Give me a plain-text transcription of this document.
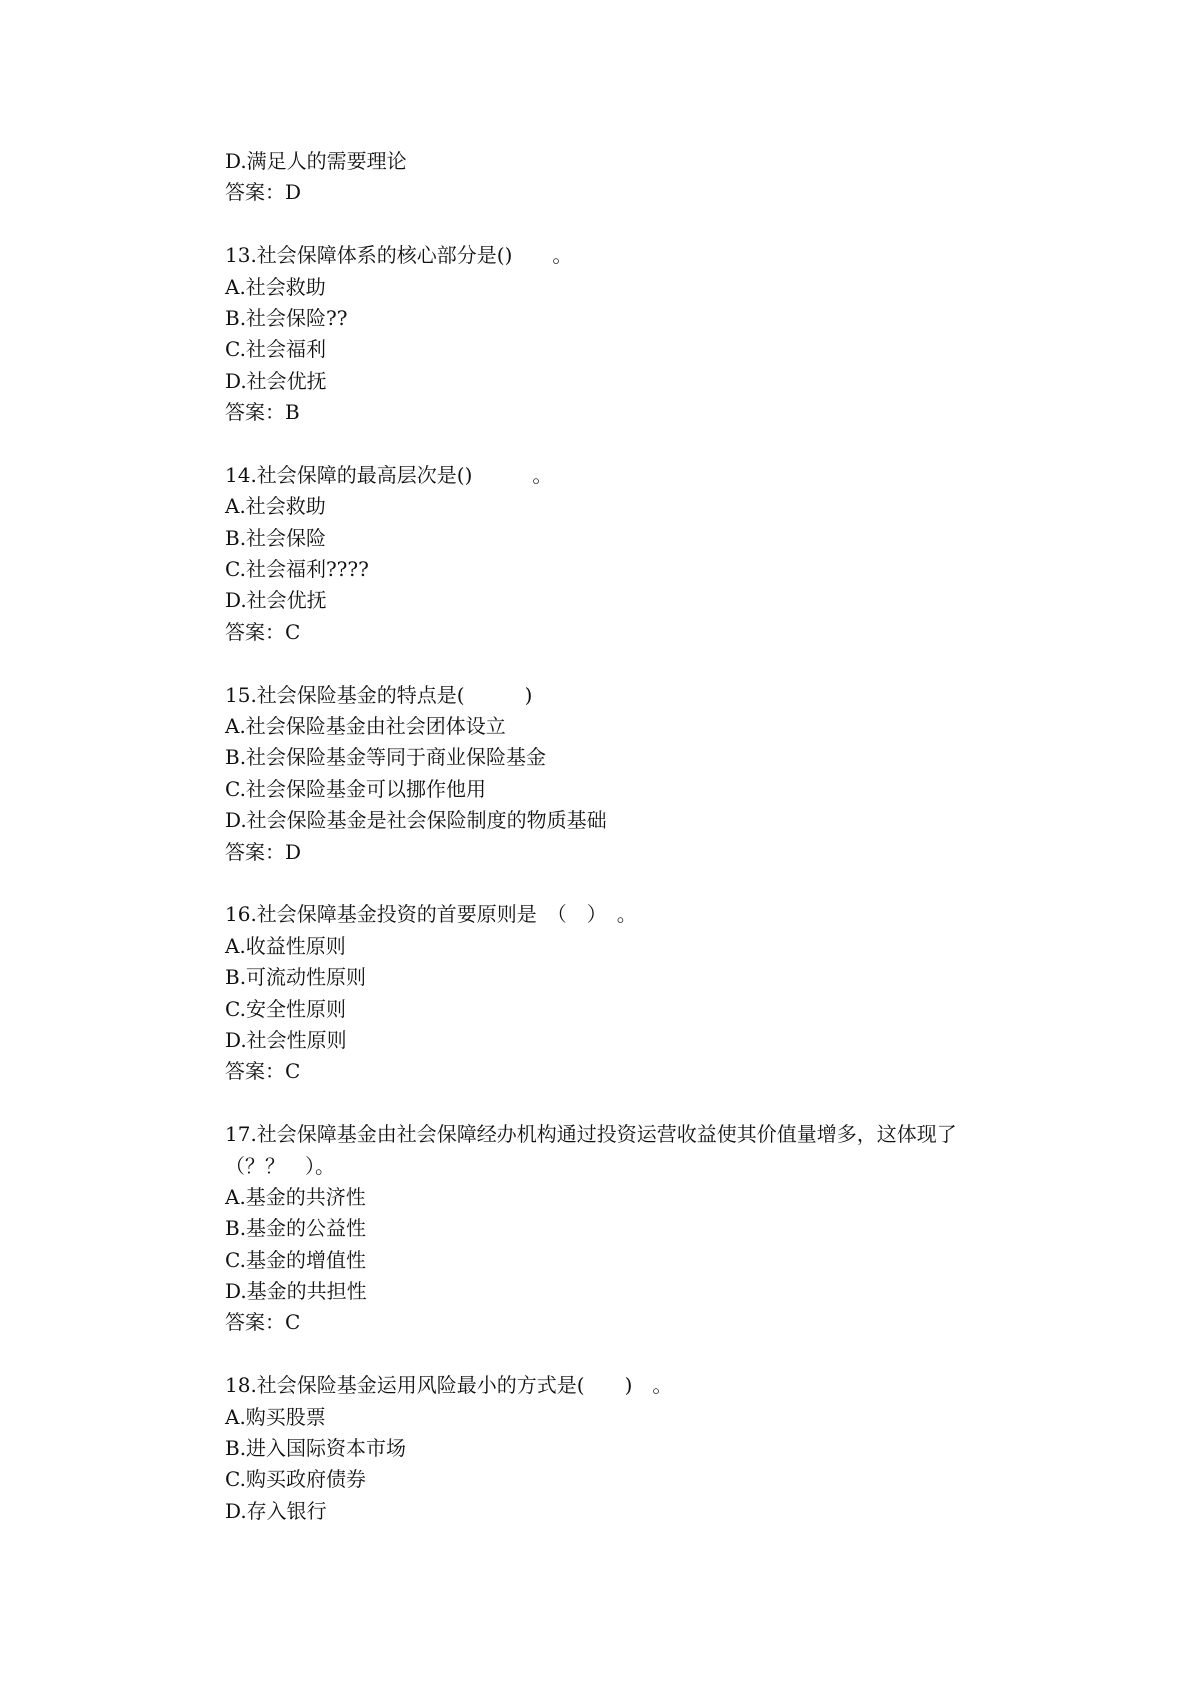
D.满足人的需要理论

答案：D

13.社会保障体系的核心部分是()　　。

A.社会救助

B.社会保险??

C.社会福利

D.社会优抚

答案：B

14.社会保障的最高层次是()　　　。

A.社会救助

B.社会保险

C.社会福利????

D.社会优抚

答案：C

15.社会保险基金的特点是(　　　)

A.社会保险基金由社会团体设立

B.社会保险基金等同于商业保险基金

C.社会保险基金可以挪作他用

D.社会保险基金是社会保险制度的物质基础

答案：D

16.社会保障基金投资的首要原则是　（　）　。

A.收益性原则

B.可流动性原则

C.安全性原则

D.社会性原则

答案：C

17.社会保障基金由社会保障经办机构通过投资运营收益使其价值量增多，这体现了（？？　）。

A.基金的共济性

B.基金的公益性

C.基金的增值性

D.基金的共担性

答案：C

18.社会保险基金运用风险最小的方式是(　　)　。

A.购买股票

B.进入国际资本市场

C.购买政府债券

D.存入银行
